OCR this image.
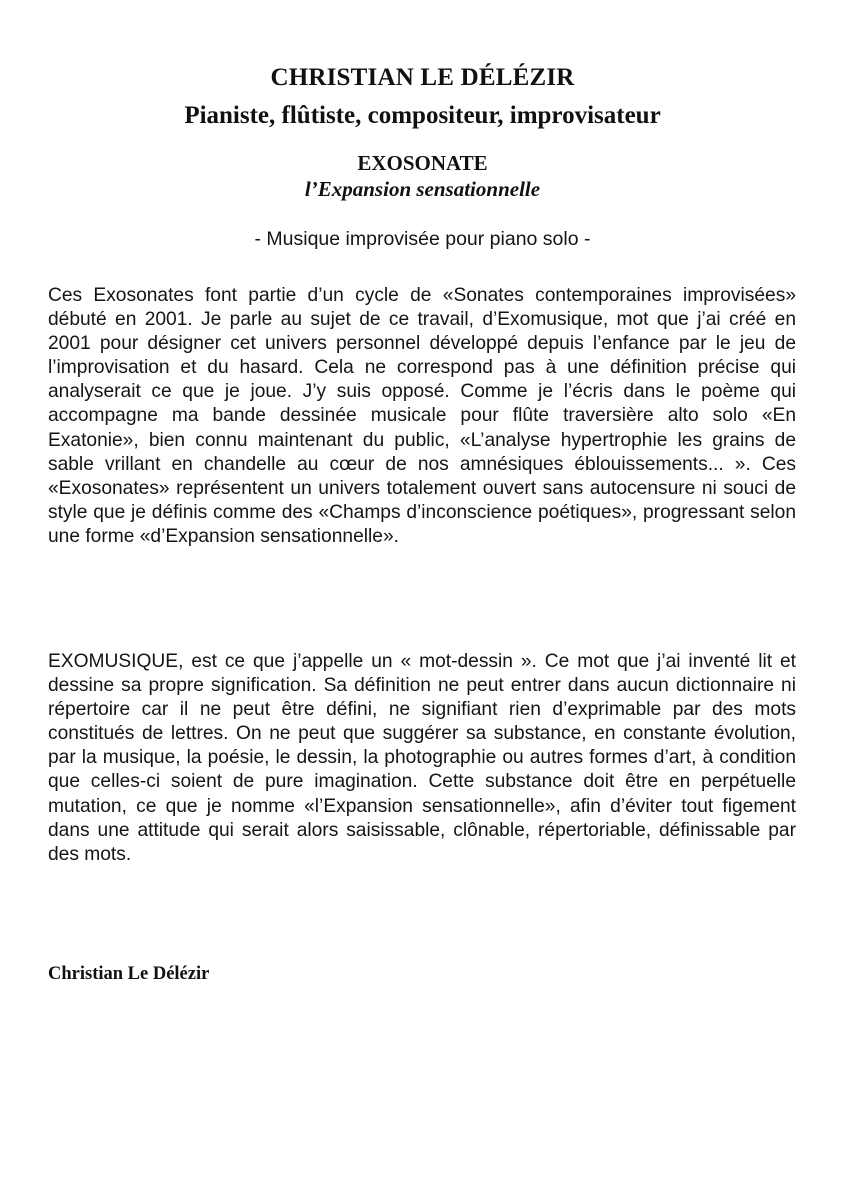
CHRISTIAN LE DÉLÉZIR
Pianiste, flûtiste, compositeur, improvisateur
EXOSONATE
l’Expansion sensationnelle
- Musique improvisée pour piano solo -

Ces Exosonates font partie d’un cycle de «Sonates contemporaines improvisées» débuté en 2001. Je parle au sujet de ce travail, d’Exomusique, mot que j’ai créé en 2001 pour désigner cet univers personnel développé depuis l’enfance par le jeu de l’improvisation et du hasard. Cela ne correspond pas à une définition précise qui analyserait ce que je joue. J’y suis opposé. Comme je l’écris dans le poème qui accompagne ma bande dessinée musicale pour flûte traversière alto solo «En Exatonie», bien connu maintenant du public, «L’analyse hypertrophie les grains de sable vrillant en chandelle au cœur de nos amnésiques éblouissements... ». Ces «Exosonates» représentent un univers totalement ouvert sans autocensure ni souci de style que je définis comme des «Champs d’inconscience poétiques», progressant selon une forme «d’Expansion sensationnelle».

EXOMUSIQUE, est ce que j’appelle un « mot-dessin ». Ce mot que j’ai inventé lit et dessine sa propre signification. Sa définition ne peut entrer dans aucun dictionnaire ni répertoire car il ne peut être défini, ne signifiant rien d’exprimable par des mots constitués de lettres. On ne peut que suggérer sa substance, en constante évolution, par la musique, la poésie, le dessin, la photographie ou autres formes d’art, à condition que celles-ci soient de pure imagination. Cette substance doit être en perpétuelle mutation, ce que je nomme «l’Expansion sensationnelle», afin d’éviter tout figement dans une attitude qui serait alors saisissable, clônable, répertoriable, définissable par des mots.

Christian Le Délézir
